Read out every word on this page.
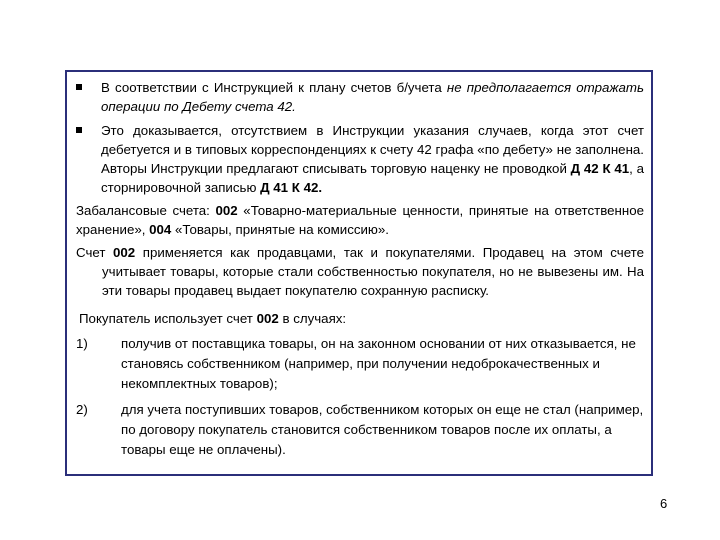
В соответствии с Инструкцией к плану счетов б/учета не предполагается отражать операции по Дебету счета 42.

Это доказывается, отсутствием в Инструкции указания случаев, когда этот счет дебетуется и в типовых корреспонденциях к счету 42 графа «по дебету» не заполнена. Авторы Инструкции предлагают списывать торговую наценку не проводкой Д 42 К 41, а сторнировочной записью Д 41 К 42.

Забалансовые счета: 002 «Товарно-материальные ценности, принятые на ответственное хранение», 004 «Товары, принятые на комиссию».

Счет 002 применяется как продавцами, так и покупателями. Продавец на этом счете учитывает товары, которые стали собственностью покупателя, но не вывезены им. На эти товары продавец выдает покупателю сохранную расписку.

Покупатель использует счет 002 в случаях:

1) получив от поставщика товары, он на законном основании от них отказывается, не становясь собственником (например, при получении недоброкачественных и некомплектных товаров);

2) для учета поступивших товаров, собственником которых он еще не стал (например, по договору покупатель становится собственником товаров после их оплаты, а товары еще не оплачены).

6
